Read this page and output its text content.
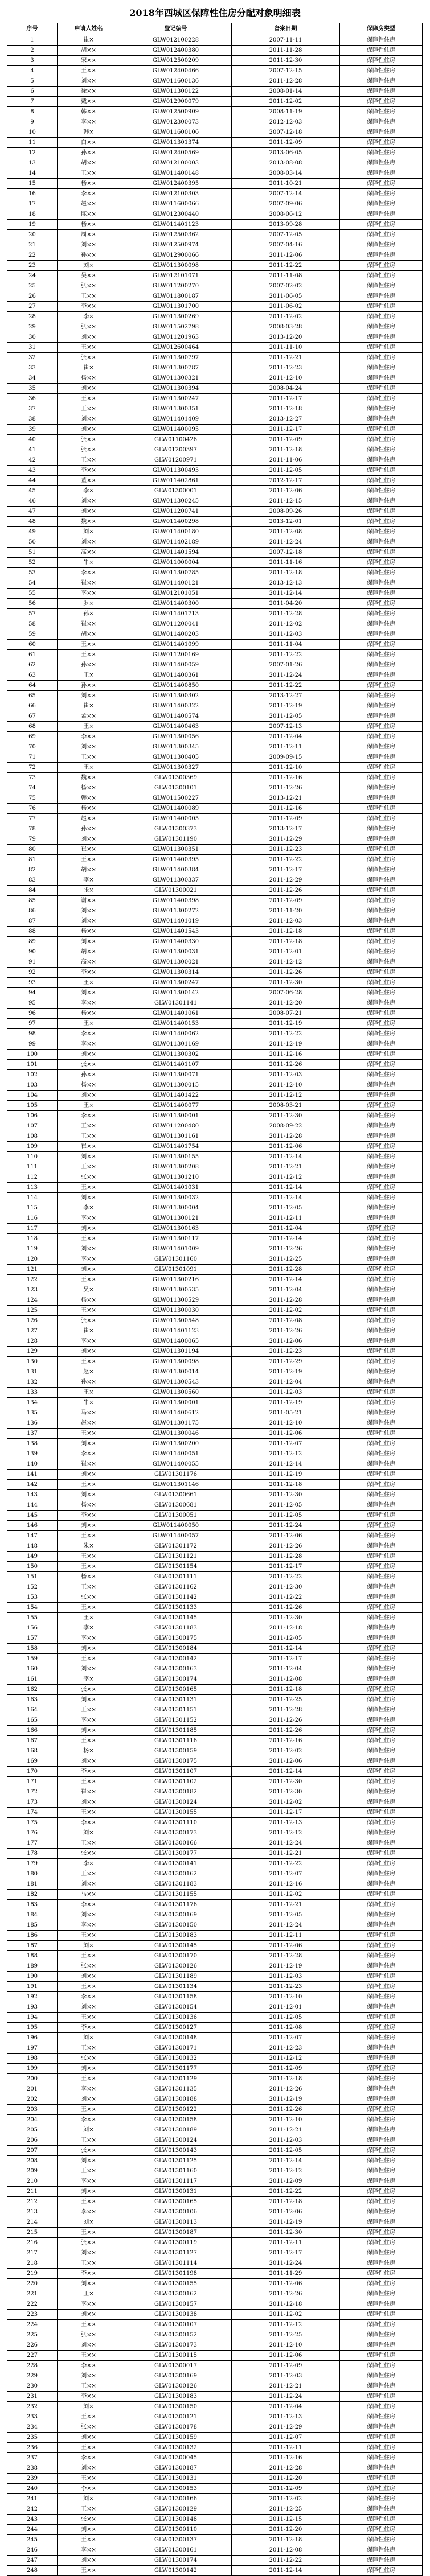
2018年西城区保障性住房分配对象明细表
序号	申请人姓名	登记编号	备案日期	保障房类型
1	崔×	GLW012100228	2007-11-11	保障性住房
2	胡××	GLW012400380	2011-11-28	保障性住房
3	宋××	GLW012500209	2011-12-30	保障性住房
4	王××	GLW012400466	2007-12-15	保障性住房
5	刘××	GLW011600136	2011-12-28	保障性住房
6	徐××	GLW011300122	2008-01-14	保障性住房
7	戴××	GLW012900079	2011-12-02	保障性住房
8	韩××	GLW012500909	2008-11-19	保障性住房
9	李××	GLW012300073	2012-12-03	保障性住房
10	韩×	GLW011600106	2007-12-18	保障性住房
11	白××	GLW011301374	2011-12-09	保障性住房
12	孙××	GLW012400569	2013-06-05	保障性住房
13	胡××	GLW012100003	2013-08-08	保障性住房
14	王××	GLW011400148	2008-03-14	保障性住房
15	杨××	GLW012400395	2011-10-21	保障性住房
16	李××	GLW012100303	2007-12-14	保障性住房
17	赵××	GLW011600066	2007-09-06	保障性住房
18	陈××	GLW012300440	2008-06-12	保障性住房
19	杨××	GLW011401123	2013-09-28	保障性住房
20	周××	GLW012500362	2007-12-05	保障性住房
21	刘××	GLW012500974	2007-04-16	保障性住房
22	孙××	GLW012900066	2011-12-06	保障性住房
23	刘×	GLW011300098	2011-12-22	保障性住房
24	吴××	GLW012101071	2011-11-08	保障性住房
25	张××	GLW011200270	2007-02-02	保障性住房
26	王××	GLW011800187	2011-06-05	保障性住房
27	李××	GLW011301700	2011-06-02	保障性住房
28	李×	GLW011300269	2011-12-02	保障性住房
29	张××	GLW011502798	2008-03-28	保障性住房
30	刘××	GLW011201963	2013-12-20	保障性住房
31	王××	GLW012600464	2011-11-10	保障性住房
32	张××	GLW011300797	2011-12-21	保障性住房
33	崔×	GLW011300787	2011-12-23	保障性住房
34	杨××	GLW011300321	2011-12-10	保障性住房
35	刘××	GLW011300394	2008-04-24	保障性住房
36	王××	GLW011300247	2011-12-17	保障性住房
37	王××	GLW011300351	2011-12-18	保障性住房
38	刘××	GLW011401409	2013-12-27	保障性住房
39	刘××	GLW011400095	2011-12-17	保障性住房
40	张××	GLW01100426	2011-12-09	保障性住房
41	张××	GLW01200397	2011-12-18	保障性住房
42	王××	GLW01200971	2011-11-06	保障性住房
43	李××	GLW011300493	2011-12-05	保障性住房
44	董××	GLW011402861	2012-12-17	保障性住房
45	李×	GLW01300001	2011-12-06	保障性住房
46	刘××	GLW011300245	2011-12-15	保障性住房
47	刘××	GLW011200741	2008-09-26	保障性住房
48	魏××	GLW011400298	2013-12-01	保障性住房
49	刘×	GLW011400180	2011-12-08	保障性住房
50	刘××	GLW011402189	2011-12-24	保障性住房
51	高××	GLW011401594	2007-12-18	保障性住房
52	牛×	GLW011000004	2011-11-16	保障性住房
53	李××	GLW011300785	2011-12-18	保障性住房
54	崔××	GLW011400121	2013-12-13	保障性住房
55	李××	GLW012101051	2011-12-14	保障性住房
56	罗×	GLW011400300	2011-04-20	保障性住房
57	孙×	GLW011401713	2011-12-28	保障性住房
58	崔××	GLW011200041	2011-12-02	保障性住房
59	胡××	GLW011400203	2011-12-03	保障性住房
60	王××	GLW011401099	2011-11-04	保障性住房
61	王××	GLW011200169	2011-12-22	保障性住房
62	孙××	GLW011400059	2007-01-26	保障性住房
63	王×	GLW011400361	2011-12-24	保障性住房
64	孙××	GLW011400850	2011-12-22	保障性住房
65	刘××	GLW011300302	2013-12-27	保障性住房
66	崔×	GLW011400322	2011-12-19	保障性住房
67	孟××	GLW011400574	2011-12-05	保障性住房
68	王×	GLW011400463	2007-12-13	保障性住房
69	李××	GLW011300056	2011-12-04	保障性住房
70	刘××	GLW011300345	2011-12-11	保障性住房
71	王××	GLW011300405	2009-09-15	保障性住房
72	王×	GLW011300327	2011-12-10	保障性住房
73	魏××	GLW01300369	2011-12-16	保障性住房
74	杨××	GLW01300101	2011-12-26	保障性住房
75	韩××	GLW011500227	2013-12-21	保障性住房
76	杨××	GLW011400089	2011-12-16	保障性住房
77	赵××	GLW011400005	2011-12-09	保障性住房
78	孙××	GLW01300373	2013-12-17	保障性住房
79	刘××	GLW01301190	2011-12-29	保障性住房
80	崔××	GLW011300351	2011-12-23	保障性住房
81	王××	GLW011400395	2011-12-22	保障性住房
82	胡××	GLW011400384	2011-12-17	保障性住房
83	李×	GLW011300337	2011-12-29	保障性住房
84	张×	GLW01300021	2011-12-26	保障性住房
85	谢××	GLW011400398	2011-12-09	保障性住房
86	刘××	GLW011300272	2011-11-20	保障性住房
87	刘××	GLW011401019	2011-12-03	保障性住房
88	杨××	GLW011401543	2011-12-18	保障性住房
89	刘××	GLW011400330	2011-12-18	保障性住房
90	胡××	GLW011300031	2011-12-01	保障性住房
91	高××	GLW011300021	2011-12-12	保障性住房
92	李××	GLW011300314	2011-12-26	保障性住房
93	王×	GLW011300247	2011-12-30	保障性住房
94	刘××	GLW011300142	2007-06-28	保障性住房
95	李××	GLW01301141	2011-12-20	保障性住房
96	杨××	GLW011401061	2008-07-21	保障性住房
97	王×	GLW011400153	2011-12-19	保障性住房
98	李××	GLW011400062	2011-12-22	保障性住房
99	李××	GLW011301169	2011-12-19	保障性住房
100	刘××	GLW011300302	2011-12-16	保障性住房
101	张××	GLW011401107	2011-12-26	保障性住房
102	孙××	GLW011300071	2011-12-03	保障性住房
103	杨××	GLW011300015	2011-12-10	保障性住房
104	刘××	GLW011401422	2011-12-12	保障性住房
105	王×	GLW011400077	2008-03-21	保障性住房
106	李××	GLW011300001	2011-12-30	保障性住房
107	王××	GLW011200480	2008-09-22	保障性住房
108	王××	GLW011301161	2011-12-28	保障性住房
109	崔××	GLW011401754	2011-12-06	保障性住房
110	刘××	GLW011300155	2011-12-14	保障性住房
111	王××	GLW011300208	2011-12-21	保障性住房
112	张××	GLW011301210	2011-12-12	保障性住房
113	王××	GLW011401031	2011-12-14	保障性住房
114	刘××	GLW011300032	2011-12-14	保障性住房
115	李×	GLW011300004	2011-12-05	保障性住房
116	李××	GLW011300121	2011-12-11	保障性住房
117	刘××	GLW011300163	2011-12-04	保障性住房
118	王××	GLW011300117	2011-12-14	保障性住房
119	刘××	GLW011401009	2011-12-26	保障性住房
120	李××	GLW01301160	2011-12-25	保障性住房
121	刘××	GLW01301091	2011-12-28	保障性住房
122	王××	GLW011300216	2011-12-14	保障性住房
123	吴×	GLW011300535	2011-12-04	保障性住房
124	杨××	GLW011300529	2011-12-28	保障性住房
125	王××	GLW011300030	2011-12-02	保障性住房
126	张××	GLW011300548	2011-12-08	保障性住房
127	崔×	GLW011401123	2011-12-26	保障性住房
128	李××	GLW011400065	2011-12-06	保障性住房
129	刘××	GLW011301194	2011-12-23	保障性住房
130	王××	GLW011300098	2011-12-29	保障性住房
131	赵×	GLW011300014	2011-12-19	保障性住房
132	孙××	GLW011300543	2011-12-04	保障性住房
133	王×	GLW011300560	2011-12-03	保障性住房
134	牛×	GLW011300001	2011-12-19	保障性住房
135	马××	GLW011400612	2011-05-21	保障性住房
136	赵××	GLW011301175	2011-12-10	保障性住房
137	王××	GLW011300046	2011-12-06	保障性住房
138	刘××	GLW011300200	2011-12-07	保障性住房
139	李××	GLW011400051	2011-12-12	保障性住房
140	崔××	GLW011400055	2011-12-14	保障性住房
141	刘××	GLW01301176	2011-12-19	保障性住房
142	王××	GLW011301146	2011-12-18	保障性住房
143	刘××	GLW01300661	2011-12-30	保障性住房
144	杨××	GLW01300681	2011-12-05	保障性住房
145	李××	GLW01300051	2011-12-05	保障性住房
146	刘××	GLW011400050	2011-12-24	保障性住房
147	王××	GLW011400057	2011-12-06	保障性住房
148	朱×	GLW01301172	2011-12-26	保障性住房
149	王××	GLW01301121	2011-12-28	保障性住房
150	王××	GLW01301154	2011-12-17	保障性住房
151	杨××	GLW01301111	2011-12-22	保障性住房
152	王××	GLW01301162	2011-12-30	保障性住房
153	张××	GLW01301142	2011-12-22	保障性住房
154	王××	GLW01301133	2011-12-26	保障性住房
155	王×	GLW01301145	2011-12-30	保障性住房
156	李×	GLW01301183	2011-12-18	保障性住房
157	李××	GLW01300175	2011-12-05	保障性住房
158	刘××	GLW01300184	2011-12-14	保障性住房
159	王××	GLW01300142	2011-12-17	保障性住房
160	刘××	GLW01300163	2011-12-04	保障性住房
161	李×	GLW01300174	2011-12-08	保障性住房
162	张××	GLW01300165	2011-12-18	保障性住房
163	刘××	GLW01301131	2011-12-25	保障性住房
164	王××	GLW01301151	2011-12-28	保障性住房
165	李××	GLW01301152	2011-12-26	保障性住房
166	刘××	GLW01301185	2011-12-26	保障性住房
167	王××	GLW01301116	2011-12-16	保障性住房
168	杨×	GLW01300159	2011-12-02	保障性住房
169	刘××	GLW01300175	2011-12-06	保障性住房
170	李××	GLW01301107	2011-12-14	保障性住房
171	王××	GLW01301102	2011-12-30	保障性住房
172	崔××	GLW01300182	2011-12-30	保障性住房
173	刘××	GLW01300124	2011-12-02	保障性住房
174	王××	GLW01300155	2011-12-17	保障性住房
175	李××	GLW01301110	2011-12-13	保障性住房
176	刘×	GLW01300173	2011-12-12	保障性住房
177	王××	GLW01300166	2011-12-24	保障性住房
178	张××	GLW01300177	2011-12-21	保障性住房
179	李×	GLW01300141	2011-12-22	保障性住房
180	王××	GLW01300162	2011-12-07	保障性住房
181	刘××	GLW01301183	2011-12-16	保障性住房
182	马××	GLW01301155	2011-12-02	保障性住房
183	李××	GLW01301176	2011-12-21	保障性住房
184	刘××	GLW01300169	2011-12-05	保障性住房
185	李××	GLW01300150	2011-12-24	保障性住房
186	王××	GLW01300183	2011-12-11	保障性住房
187	刘×	GLW01300145	2011-12-06	保障性住房
188	王××	GLW01300170	2011-12-28	保障性住房
189	张××	GLW01300126	2011-12-19	保障性住房
190	刘××	GLW01301189	2011-12-03	保障性住房
191	王××	GLW01301134	2011-12-23	保障性住房
192	李××	GLW01301158	2011-12-10	保障性住房
193	刘××	GLW01300154	2011-12-01	保障性住房
194	王××	GLW01300136	2011-12-05	保障性住房
195	李××	GLW01300127	2011-12-08	保障性住房
196	刘×	GLW01300148	2011-12-07	保障性住房
197	王××	GLW01300171	2011-12-23	保障性住房
198	张××	GLW01300132	2011-12-12	保障性住房
199	刘××	GLW01301177	2011-12-09	保障性住房
200	王××	GLW01301129	2011-12-18	保障性住房
201	李××	GLW01301135	2011-12-26	保障性住房
202	刘××	GLW01300188	2011-12-19	保障性住房
203	王××	GLW01300122	2011-12-26	保障性住房
204	李××	GLW01300158	2011-12-10	保障性住房
205	刘×	GLW01300189	2011-12-21	保障性住房
206	王××	GLW01300124	2011-12-03	保障性住房
207	张××	GLW01300143	2011-12-05	保障性住房
208	刘××	GLW01301125	2011-12-14	保障性住房
209	王××	GLW01301160	2011-12-12	保障性住房
210	李××	GLW01301117	2011-12-09	保障性住房
211	刘××	GLW01300131	2011-12-22	保障性住房
212	王××	GLW01300165	2011-12-18	保障性住房
213	李××	GLW01300106	2011-12-06	保障性住房
214	刘×	GLW01300113	2011-12-19	保障性住房
215	王××	GLW01300187	2011-12-30	保障性住房
216	张××	GLW01300119	2011-12-11	保障性住房
217	刘××	GLW01301127	2011-12-17	保障性住房
218	王××	GLW01301114	2011-12-24	保障性住房
219	李××	GLW01301198	2011-11-29	保障性住房
220	刘××	GLW01300155	2011-12-06	保障性住房
221	王×	GLW01300162	2011-12-26	保障性住房
222	李××	GLW01300157	2011-12-18	保障性住房
223	刘××	GLW01300138	2011-12-02	保障性住房
224	王××	GLW01300107	2011-12-12	保障性住房
225	张××	GLW01300152	2011-12-25	保障性住房
226	刘××	GLW01300173	2011-12-10	保障性住房
227	王××	GLW01300115	2011-12-06	保障性住房
228	李××	GLW01300017	2011-12-09	保障性住房
229	刘××	GLW01300169	2011-12-03	保障性住房
230	王××	GLW01300126	2011-12-21	保障性住房
231	李××	GLW01300183	2011-12-24	保障性住房
232	刘×	GLW01300150	2011-12-04	保障性住房
233	王××	GLW01300121	2011-12-13	保障性住房
234	张××	GLW01300178	2011-12-29	保障性住房
235	刘××	GLW01300159	2011-12-07	保障性住房
236	王××	GLW01300132	2011-12-11	保障性住房
237	李××	GLW01300045	2011-12-16	保障性住房
238	刘××	GLW01300187	2011-12-28	保障性住房
239	王××	GLW01300131	2011-12-20	保障性住房
240	李××	GLW01300153	2011-12-09	保障性住房
241	刘×	GLW01300166	2011-12-02	保障性住房
242	王××	GLW01300129	2011-12-25	保障性住房
243	张××	GLW01300148	2011-12-15	保障性住房
244	刘××	GLW01300110	2011-12-20	保障性住房
245	王××	GLW01300137	2011-12-18	保障性住房
246	李××	GLW01300161	2011-12-08	保障性住房
247	刘××	GLW01300174	2011-12-22	保障性住房
248	王××	GLW01300142	2011-12-14	保障性住房
